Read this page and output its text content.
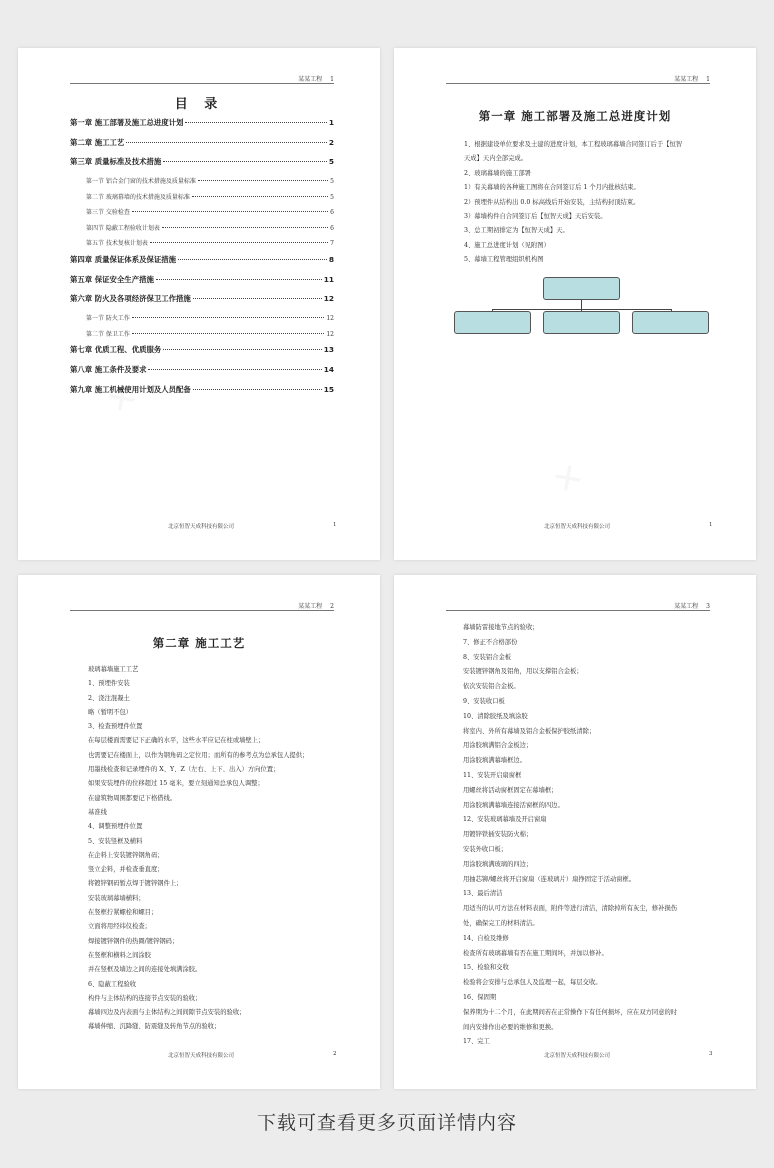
某某工程 1
目 录
第一章 施工部署及施工总进度计划	1
第二章 施工工艺	2
第三章 质量标准及技术措施	5
第一节 铝合金门窗的技术措施及质量标准	5
第二节 玻璃幕墙的技术措施及质量标准	5
第三节 交验检查	6
第四节 隐蔽工程验收计划表	6
第五节 技术复核计划表	7
第四章 质量保证体系及保证措施	8
第五章 保证安全生产措施	11
第六章 防火及各项经济保卫工作措施	12
第一节 防火工作	12
第二节 保卫工作	12
第七章 优质工程、优质服务	13
第八章 施工条件及要求	14
第九章 施工机械使用计划及人员配备	15
北京恒智天成科技有限公司	1
某某工程 1
第一章 施工部署及施工总进度计划
1、根据建设单位要求及土建的进度计划，本工程玻璃幕墙合同签订后于【恒智
天成】天内全部完成。
2、玻璃幕墙的施工部署
1）有关幕墙的各种施工图将在合同签订后 1 个月内批核结束。
2）预埋件从结构出 0.0 标高线后开始安装，主结构封顶结束。
3）幕墙构件自合同签订后【恒智天成】天后安装。
3、总工期初排定为【恒智天成】天。
4、施工总进度计划（见附图）
5、幕墙工程管理组织机构图
北京恒智天成科技有限公司	1
某某工程 2
第二章 施工工艺
玻璃幕墙施工工艺
1、预埋件安装
2、浇注混凝土
略（暂明不包）
3、检查预埋件位置
在每层楼面需要记下正确的水平，这些水平应记在柱或墙壁上；
也需要记在楼面上，以作为钢角码之定位用；而所有的参考点为总承包人提供；
用墨线检查和记录埋件的 X、Y、Z（左右、上下、出入）方向位置；
如果安装埋件的位移超过 15 毫米，要立刻通知总承包人调整；
在建筑物周围都要记下格借线。
基准线
4、调整预埋件位置
5、安装竖框及横料
在企料上安装镀锌钢角码；
竖立企料，并检查垂直度；
将镀锌钢码暂点焊于镀锌钢件上；
安装玻璃幕墙横料；
在竖框拧紧螺栓和螺目；
立面将用经纬仪检查；
焊接镀锌钢件的热圈/镀锌钢码；
在竖框和横料之间涂胶
并在竖框及墙边之间的连接处填满涂胶。
6、隐蔽工程验收
构件与主体结构的连接节点安装的验收；
幕墙四边及内表面与主体结构之间间隙节点安装的验收；
幕墙伸缩、沉降缝、防震缝及转角节点的验收；
北京恒智天成科技有限公司	2
某某工程 3
幕墙防雷接地节点的验收；
7、修正不合格部份
8、安装铝合金板
安装镀锌钢角及铝角，用以支撑铝合金板；
依次安装铝合金板。
9、安装收口板
10、清除胶纸及填涂胶
将室内、外所有幕墙及铝合金板保护胶纸清除；
用涂胶填满铝合金板边；
用涂胶填满幕墙框边。
11、安装开启扇窗框
用螺丝将活动窗框固定在幕墙框；
用涂胶填满幕墙连接活窗框的四边。
12、安装玻璃幕墙及开启窗扇
用镀锌铁插安装防火棉；
安装外收口板；
用涂胶填满玻璃的四边；
用抽芯铆/螺丝将开启窗扇（连玻璃片）扇挣固定于活动窗框。
13、最后清洁
用适当的认可方法在材料表面，附件等进行清洁，清除掉所有灰尘，修补损伤
处，确保完工的材料清洁。
14、自检及维修
检查所有玻璃幕墙有否在施工期间坏，并加以修补。
15、检验和交收
检验将会安排与总承包人及监理一起，每层交收。
16、保固期
保养期为十二个月，在此期间若在正常操作下有任何损坏，应在双方同意的时
间内安排作出必要的维修和更换。
17、完工
北京恒智天成科技有限公司	3
下载可查看更多页面详情内容
